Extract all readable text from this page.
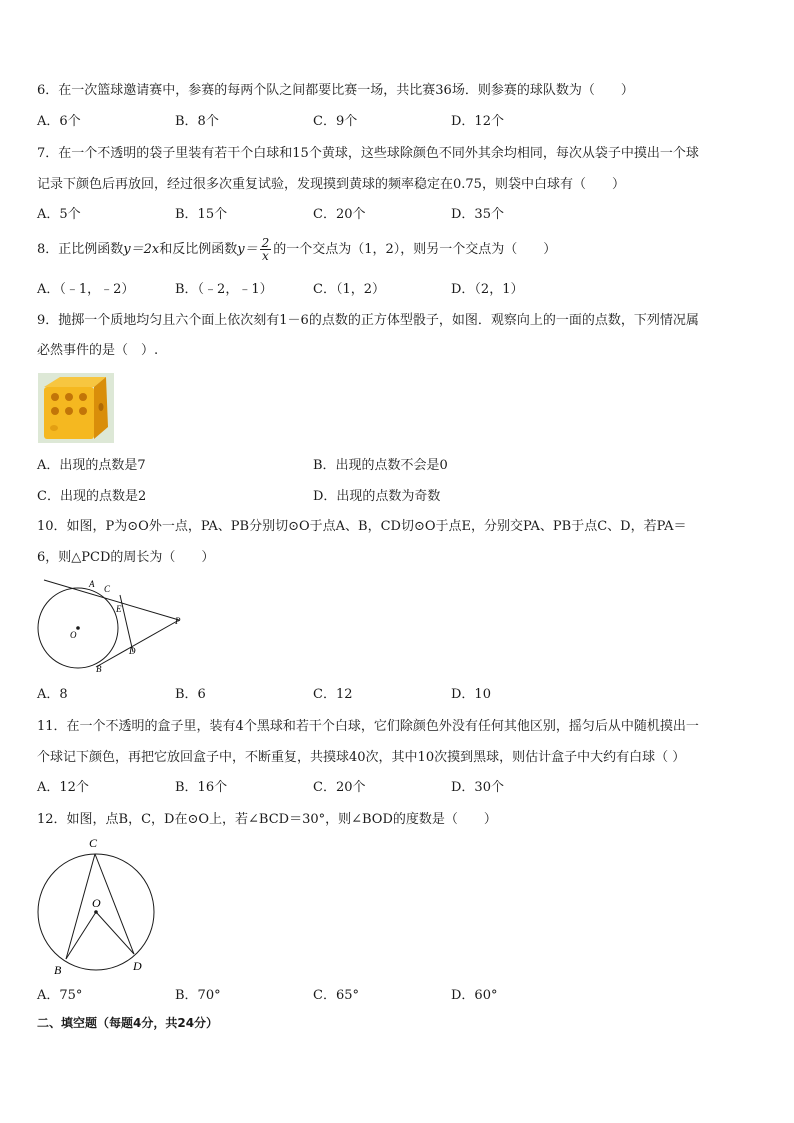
6．在一次篮球邀请赛中，参赛的每两个队之间都要比赛一场，共比赛36场．则参赛的球队数为（　　）
A．6个	B．8个	C．9个	D．12个
7．在一个不透明的袋子里装有若干个白球和15个黄球，这些球除颜色不同外其余均相同，每次从袋子中摸出一个球
记录下颜色后再放回，经过很多次重复试验，发现摸到黄球的频率稳定在0.75，则袋中白球有（　　）
A．5个	B．15个	C．20个	D．35个
8．正比例函数y＝2x和反比例函数$y= \frac{2}{x}$ 的一个交点为（1，2），则另一个交点为（　　）
A．（﹣1，﹣2）	B．（﹣2，﹣1）	C．（1，2）	D．（2，1）
9．抛掷一个质地均匀且六个面上依次刻有1－6的点数的正方体型骰子，如图．观察向上的一面的点数，下列情况属
必然事件的是（　）.
A．出现的点数是7	B．出现的点数不会是0
C．出现的点数是2	D．出现的点数为奇数
10．如图，P为⊙O外一点，PA、PB分别切⊙O于点A、B，CD切⊙O于点E，分别交PA、PB于点C、D，若PA＝
6，则△PCD的周长为（　　）
A C
E
O
P
D
B
A．8	B．6	C．12	D．10
11．在一个不透明的盒子里，装有4个黑球和若干个白球，它们除颜色外没有任何其他区别，摇匀后从中随机摸出一
个球记下颜色，再把它放回盒子中，不断重复，共摸球40次，其中10次摸到黑球，则估计盒子中大约有白球（ ）
A．12个	B．16个	C．20个	D．30个
12．如图，点B，C，D在⊙O上，若∠BCD＝30°，则∠BOD的度数是（　　）
C
O
B	D
A．75°	B．70°	C．65°	D．60°
二、填空题（每题4分，共24分）
